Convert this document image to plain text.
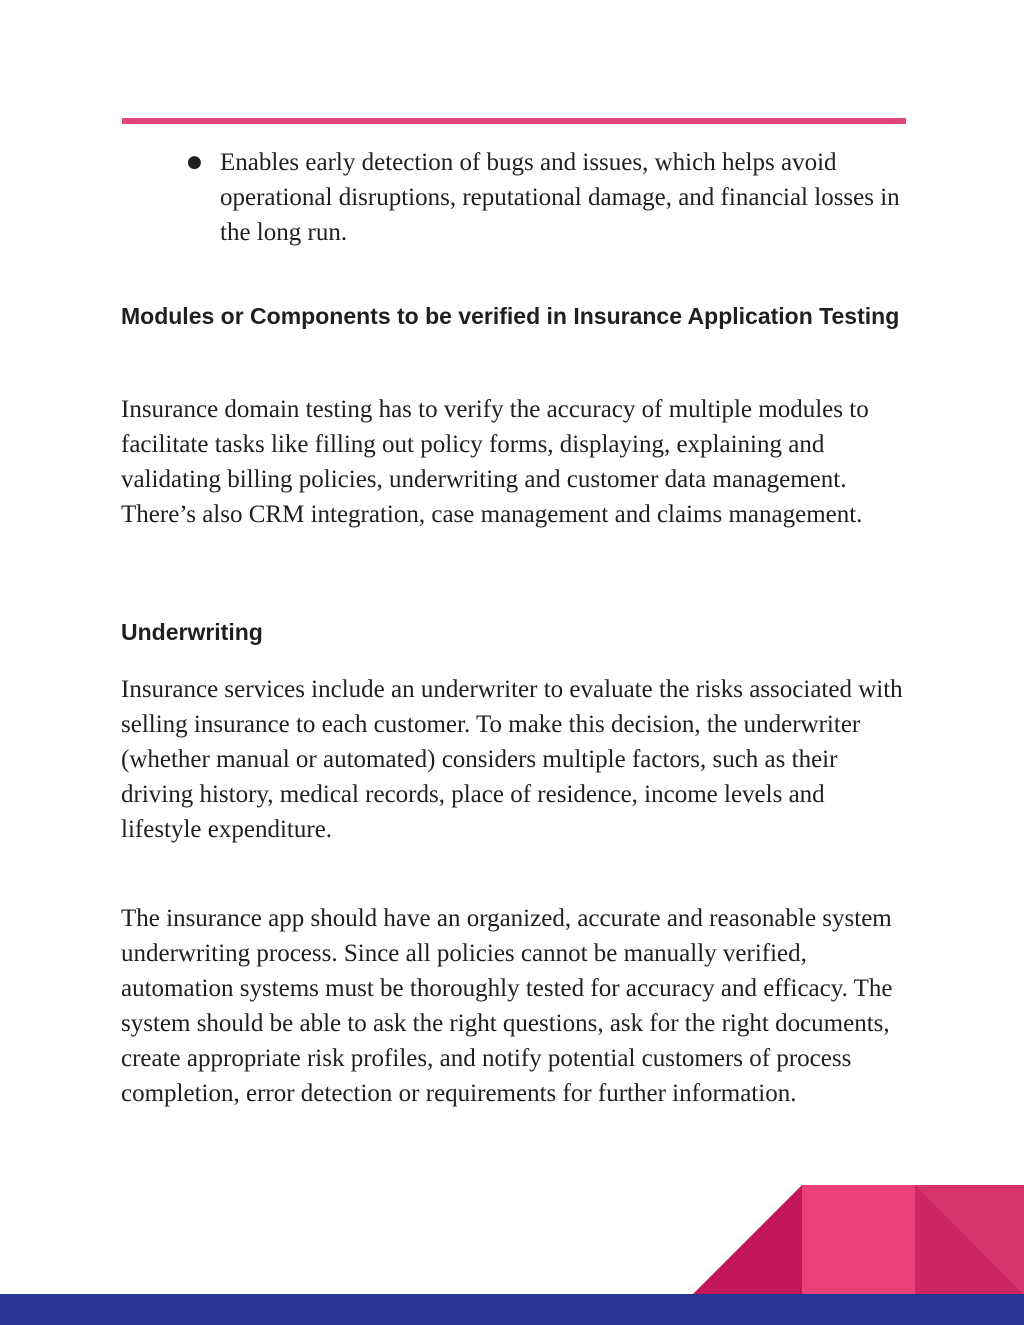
● Enables early detection of bugs and issues, which helps avoid operational disruptions, reputational damage, and financial losses in the long run.
Modules or Components to be verified in Insurance Application Testing

Insurance domain testing has to verify the accuracy of multiple modules to facilitate tasks like filling out policy forms, displaying, explaining and validating billing policies, underwriting and customer data management. There’s also CRM integration, case management and claims management.

Underwriting

Insurance services include an underwriter to evaluate the risks associated with selling insurance to each customer. To make this decision, the underwriter (whether manual or automated) considers multiple factors, such as their driving history, medical records, place of residence, income levels and lifestyle expenditure.

The insurance app should have an organized, accurate and reasonable system underwriting process. Since all policies cannot be manually verified, automation systems must be thoroughly tested for accuracy and efficacy. The system should be able to ask the right questions, ask for the right documents, create appropriate risk profiles, and notify potential customers of process completion, error detection or requirements for further information.
